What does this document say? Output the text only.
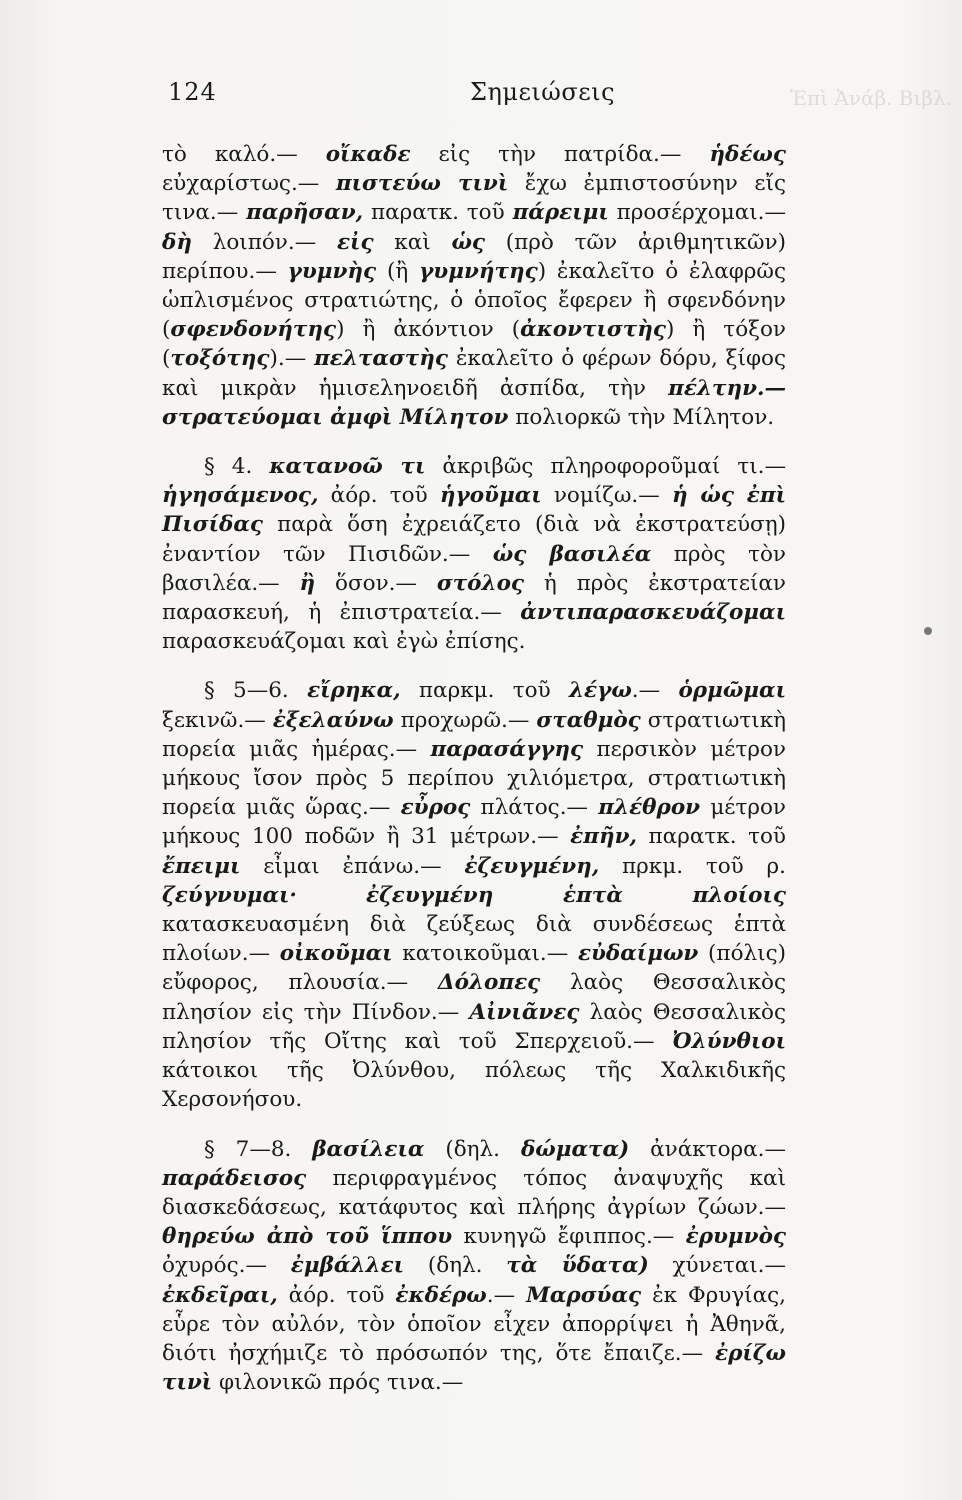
Ἐπὶ Ἀνάβ. Βιβλ.
124	Σημειώσεις

τὸ καλό.— οἴκαδε εἰς τὴν πατρίδα.— ἡδέως εὐχαρίστως.— πιστεύω τινὶ ἔχω ἐμπιστοσύνην εἴς τινα.— παρῆσαν, παρατκ. τοῦ πάρειμι προσέρχομαι.— δὴ λοιπόν.— εἰς καὶ ὡς (πρὸ τῶν ἀριθμητικῶν) περίπου.— γυμνὴς (ἢ γυμνήτης) ἐκαλεῖτο ὁ ἐλαφρῶς ὡπλισμένος στρατιώτης, ὁ ὁποῖος ἔφερεν ἢ σφενδόνην (σφενδονήτης) ἢ ἀκόντιον (ἀκοντιστὴς) ἢ τόξον (τοξότης).— πελταστὴς ἐκαλεῖτο ὁ φέρων δόρυ, ξίφος καὶ μικρὰν ἡμισεληνοειδῆ ἀσπίδα, τὴν πέλτην.— στρατεύομαι ἀμφὶ Μίλητον πολιορκῶ τὴν Μίλητον.

§ 4. κατανοῶ τι ἀκριβῶς πληροφοροῦμαί τι.— ἡγησάμενος, ἀόρ. τοῦ ἡγοῦμαι νομίζω.— ἡ ὡς ἐπὶ Πισίδας παρὰ ὅση ἐχρειάζετο (διὰ νὰ ἐκστρατεύσῃ) ἐναντίον τῶν Πισιδῶν.— ὡς βασιλέα πρὸς τὸν βασιλέα.— ἢ ὅσον.— στόλος ἡ πρὸς ἐκστρατείαν παρασκευή, ἡ ἐπιστρατεία.— ἀντιπαρασκευάζομαι παρασκευάζομαι καὶ ἐγὼ ἐπίσης.

§ 5—6. εἴρηκα, παρκμ. τοῦ λέγω.— ὁρμῶμαι ξεκινῶ.— ἐξελαύνω προχωρῶ.— σταθμὸς στρατιωτικὴ πορεία μιᾶς ἡμέρας.— παρασάγγης περσικὸν μέτρον μήκους ἴσον πρὸς 5 περίπου χιλιόμετρα, στρατιωτικὴ πορεία μιᾶς ὥρας.— εὖρος πλάτος.— πλέθρον μέτρον μήκους 100 ποδῶν ἢ 31 μέτρων.— ἐπῆν, παρατκ. τοῦ ἔπειμι εἶμαι ἐπάνω.— ἐζευγμένη, πρκμ. τοῦ ρ. ζεύγνυμαι·	ἐζευγμένη ἑπτὰ πλοίοις κατασκευασμένη διὰ ζεύξεως διὰ συνδέσεως ἑπτὰ πλοίων.— οἰκοῦμαι κατοικοῦμαι.— εὐδαίμων (πόλις) εὔφορος, πλουσία.— Δόλοπες λαὸς Θεσσαλικὸς πλησίον εἰς τὴν Πίνδον.— Αἰνιᾶνες λαὸς Θεσσαλικὸς πλησίον τῆς Οἴτης καὶ τοῦ Σπερχειοῦ.— Ὀλύνθιοι κάτοικοι τῆς Ὀλύνθου, πόλεως τῆς Χαλκιδικῆς Χερσονήσου.

§ 7—8. βασίλεια (δηλ. δώματα) ἀνάκτορα.— παράδεισος περιφραγμένος τόπος ἀναψυχῆς καὶ διασκεδάσεως, κατάφυτος καὶ πλήρης ἀγρίων ζώων.— θηρεύω ἀπὸ τοῦ ἵππου κυνηγῶ ἔφιππος.— ἐρυμνὸς ὀχυρός.— ἐμβάλλει (δηλ. τὰ ὕδατα) χύνεται.— ἐκδεῖραι, ἀόρ. τοῦ ἐκδέρω.— Μαρσύας ἐκ Φρυγίας, εὗρε τὸν αὐλόν, τὸν ὁποῖον εἶχεν ἀπορρίψει ἡ Ἀθηνᾶ, διότι ἠσχήμιζε τὸ πρόσωπόν της, ὅτε ἔπαιζε.— ἐρίζω τινὶ φιλονικῶ πρός τινα.—
